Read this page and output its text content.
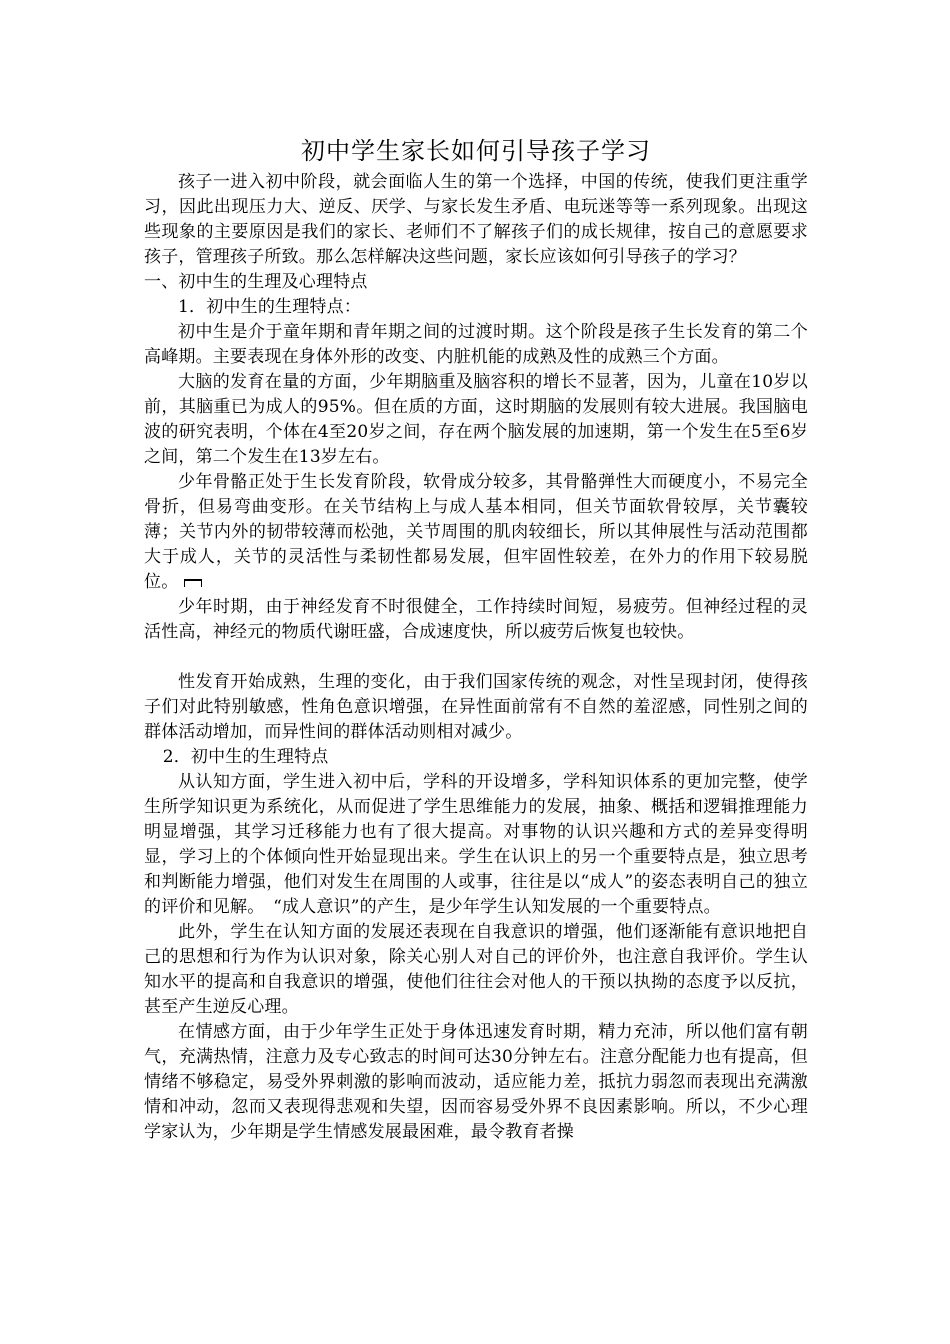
初中学生家长如何引导孩子学习

孩子一进入初中阶段，就会面临人生的第一个选择，中国的传统，使我们更注重学习，因此出现压力大、逆反、厌学、与家长发生矛盾、电玩迷等等一系列现象。出现这些现象的主要原因是我们的家长、老师们不了解孩子们的成长规律，按自己的意愿要求孩子，管理孩子所致。那么怎样解决这些问题，家长应该如何引导孩子的学习？

一、初中生的生理及心理特点

1．初中生的生理特点：

初中生是介于童年期和青年期之间的过渡时期。这个阶段是孩子生长发育的第二个高峰期。主要表现在身体外形的改变、内脏机能的成熟及性的成熟三个方面。

大脑的发育在量的方面，少年期脑重及脑容积的增长不显著，因为，儿童在10岁以前，其脑重已为成人的95%。但在质的方面，这时期脑的发展则有较大进展。我国脑电波的研究表明，个体在4至20岁之间，存在两个脑发展的加速期，第一个发生在5至6岁之间，第二个发生在13岁左右。

少年骨骼正处于生长发育阶段，软骨成分较多，其骨骼弹性大而硬度小，不易完全骨折，但易弯曲变形。在关节结构上与成人基本相同，但关节面软骨较厚，关节囊较薄；关节内外的韧带较薄而松弛，关节周围的肌肉较细长，所以其伸展性与活动范围都大于成人，关节的灵活性与柔韧性都易发展，但牢固性较差，在外力的作用下较易脱位。

少年时期，由于神经发育不时很健全，工作持续时间短，易疲劳。但神经过程的灵活性高，神经元的物质代谢旺盛，合成速度快，所以疲劳后恢复也较快。

性发育开始成熟，生理的变化，由于我们国家传统的观念，对性呈现封闭，使得孩子们对此特别敏感，性角色意识增强，在异性面前常有不自然的羞涩感，同性别之间的群体活动增加，而异性间的群体活动则相对减少。

2．初中生的生理特点

从认知方面，学生进入初中后，学科的开设增多，学科知识体系的更加完整，使学生所学知识更为系统化，从而促进了学生思维能力的发展，抽象、概括和逻辑推理能力明显增强，其学习迁移能力也有了很大提高。对事物的认识兴趣和方式的差异变得明显，学习上的个体倾向性开始显现出来。学生在认识上的另一个重要特点是，独立思考和判断能力增强，他们对发生在周围的人或事，往往是以“成人”的姿态表明自己的独立的评价和见解。　“成人意识”的产生，是少年学生认知发展的一个重要特点。

此外，学生在认知方面的发展还表现在自我意识的增强，他们逐渐能有意识地把自己的思想和行为作为认识对象，除关心别人对自己的评价外，也注意自我评价。学生认知水平的提高和自我意识的增强，使他们往往会对他人的干预以执拗的态度予以反抗，甚至产生逆反心理。

在情感方面，由于少年学生正处于身体迅速发育时期，精力充沛，所以他们富有朝气，充满热情，注意力及专心致志的时间可达30分钟左右。注意分配能力也有提高，但情绪不够稳定，易受外界刺激的影响而波动，适应能力差，抵抗力弱忽而表现出充满激情和冲动，忽而又表现得悲观和失望，因而容易受外界不良因素影响。所以，不少心理学家认为，少年期是学生情感发展最困难，最令教育者操
